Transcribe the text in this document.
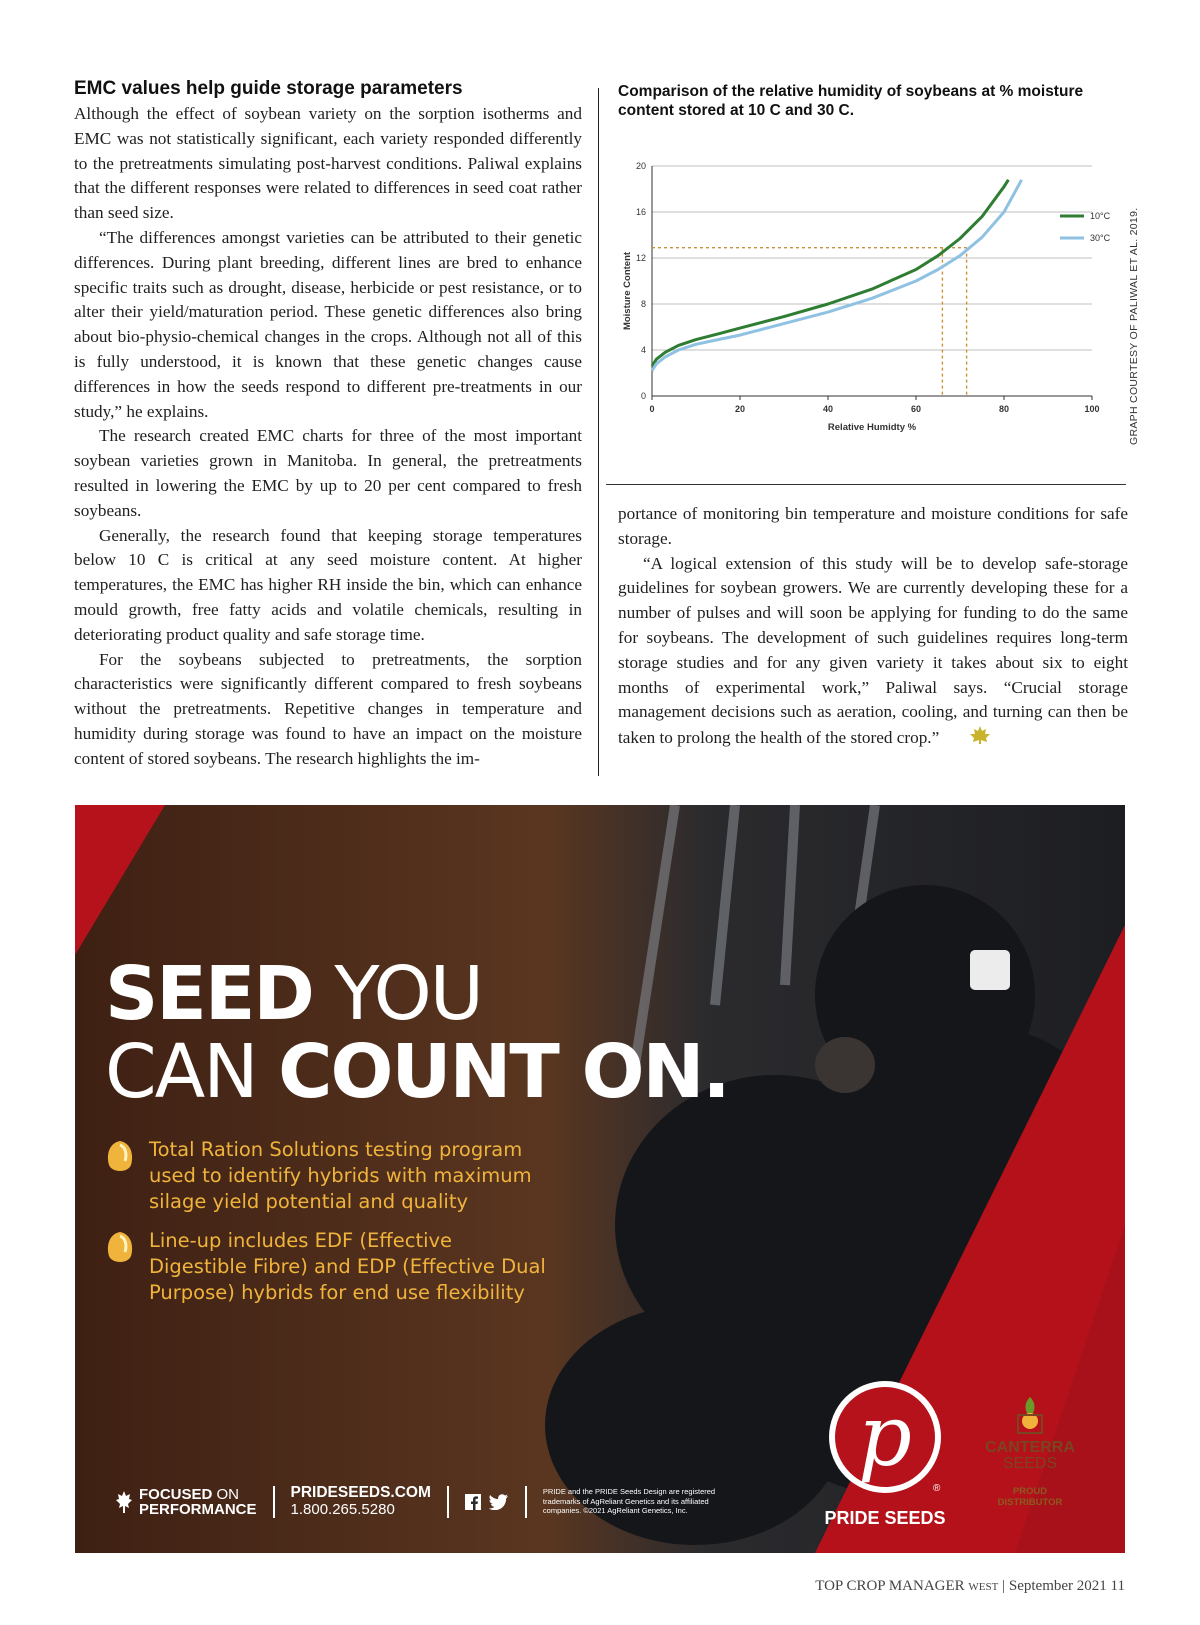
EMC values help guide storage parameters

Although the effect of soybean variety on the sorption isotherms and EMC was not statistically significant, each variety responded differently to the pretreatments simulating post-harvest conditions. Paliwal explains that the different responses were related to differences in seed coat rather than seed size.

“The differences amongst varieties can be attributed to their genetic differences. During plant breeding, different lines are bred to enhance specific traits such as drought, disease, herbicide or pest resistance, or to alter their yield/maturation period. These genetic differences also bring about bio-physio-chemical changes in the crops. Although not all of this is fully understood, it is known that these genetic changes cause differences in how the seeds respond to different pre-treatments in our study,” he explains.

The research created EMC charts for three of the most important soybean varieties grown in Manitoba. In general, the pretreatments resulted in lowering the EMC by up to 20 per cent compared to fresh soybeans.

Generally, the research found that keeping storage temperatures below 10 C is critical at any seed moisture content. At higher temperatures, the EMC has higher RH inside the bin, which can enhance mould growth, free fatty acids and volatile chemicals, resulting in deteriorating product quality and safe storage time.

For the soybeans subjected to pretreatments, the sorption characteristics were significantly different compared to fresh soybeans without the pretreatments. Repetitive changes in temperature and humidity during storage was found to have an impact on the moisture content of stored soybeans. The research highlights the im-

Comparison of the relative humidity of soybeans at % moisture content stored at 10 C and 30 C.

0
4
8
12
16
20
0	20	40	60	80	100
10°C
30°C
Relative Humidty %
Moisture Content	GRAPH COURTESY OF PALIWAL ET AL. 2019.

portance of monitoring bin temperature and moisture conditions for safe storage.

“A logical extension of this study will be to develop safe-storage guidelines for soybean growers. We are currently developing these for a number of pulses and will soon be applying for funding to do the same for soybeans. The development of such guidelines requires long-term storage studies and for any given variety it takes about six to eight months of experimental work,” Paliwal says. “Crucial storage management decisions such as aeration, cooling, and turning can then be taken to prolong the health of the stored crop.”

SEED YOU
CAN COUNT ON.
Total Ration Solutions testing program used to identify hybrids with maximum silage yield potential and quality
Line-up includes EDF (Effective Digestible Fibre) and EDP (Effective Dual Purpose) hybrids for end use flexibility
FOCUSED ON
PERFORMANCE
PRIDESEEDS.COM
1.800.265.5280
PRIDE and the PRIDE Seeds Design are registered trademarks of AgReliant Genetics and its affiliated companies. ©2021 AgReliant Genetics, Inc.
p
®
PRIDE SEEDS
CANTERRA
SEEDS
PROUD DISTRIBUTOR
TOP CROP MANAGER WEST | September 2021 11
